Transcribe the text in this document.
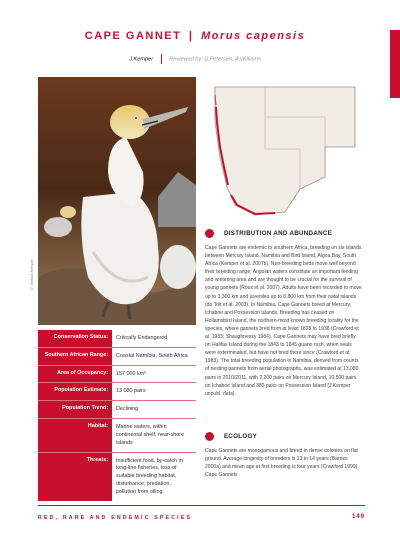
CAPE GANNET | Morus capensis
J Kemper	Reviewed by: S Petersen, A Williams
© Jessica Kemper
Conservation Status:	Critically Endangered
Southern African Range:	Coastal Namibia, South Africa
Area of Occupancy:	157 000 km²
Population Estimate:	13 080 pairs
Population Trend:	Declining
Habitat:	Marine waters, within continental shelf, near-shore islands
Threats:	Insufficient food, by-catch in long-line fisheries, loss of suitable breeding habitat, disturbance, predation, pollution from oiling
DISTRIBUTION AND ABUNDANCE
Cape Gannets are endemic to southern Africa, breeding on six islands between Mercury Island, Namibia and Bird Island, Algoa Bay, South Africa (Kemper et al. 2007b). Non-breeding birds move well beyond their breeding range; Angolan waters constitute an important feeding and wintering area and are thought to be crucial for the survival of young gannets (Roux et al. 2007). Adults have been recorded to move up to 3,300 km and juveniles up to 6,800 km from their natal islands (du Toit et al. 2003). In Namibia, Cape Gannets breed at Mercury, Ichaboe and Possession islands. Breeding has ceased on Hollamsbird Island, the northern-most known breeding locality for the species, where gannets bred from at least 1828 to 1938 (Crawford et al. 1983; Shaughnessy 1984). Cape Gannets may have bred briefly on Halifax Island during the 1843 to 1845 guano rush, when seals were exterminated, but have not bred there since (Crawford et al. 1983). The total breeding population in Namibia, derived from counts of nesting gannets from aerial photographs, was estimated at 13,080 pairs in 2010/2011, with 2,200 pairs on Mercury Island, 10,500 pairs on Ichaboe Island and 380 pairs on Possession Island (J Kemper unpubl. data).
ECOLOGY
Cape Gannets are monogamous and breed in dense colonies on flat ground. Average longevity of breeders is 13 to 14 years (Barnes 2000a) and mean age at first breeding is four years (Crawford 1999). Cape Gannets
RED, RARE AND ENDEMIC SPECIES	149
